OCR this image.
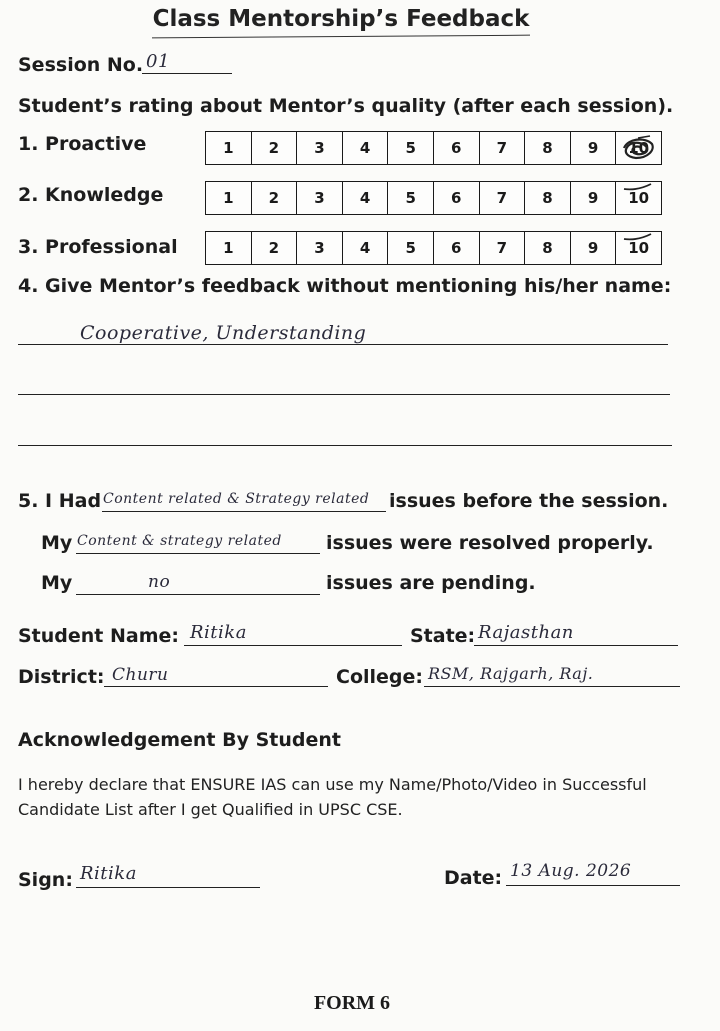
Class Mentorship’s Feedback
Session No. 01
Student’s rating about Mentor’s quality (after each session).
1. Proactive	1	2	3	4	5	6	7	8	9	10
2. Knowledge	1	2	3	4	5	6	7	8	9	10
3. Professional	1	2	3	4	5	6	7	8	9	10
4. Give Mentor’s feedback without mentioning his/her name:
Cooperative, Understanding
5. I Had Content related & Strategy related issues before the session.
My Content & strategy related issues were resolved properly.
My	no	issues are pending.
Student Name: Ritika	State: Rajasthan
District: Churu	College: RSM, Rajgarh, Raj.
Acknowledgement By Student
I hereby declare that ENSURE IAS can use my Name/Photo/Video in Successful
Candidate List after I get Qualified in UPSC CSE.
Sign: Ritika	Date: 13 Aug. 2026
FORM 6
